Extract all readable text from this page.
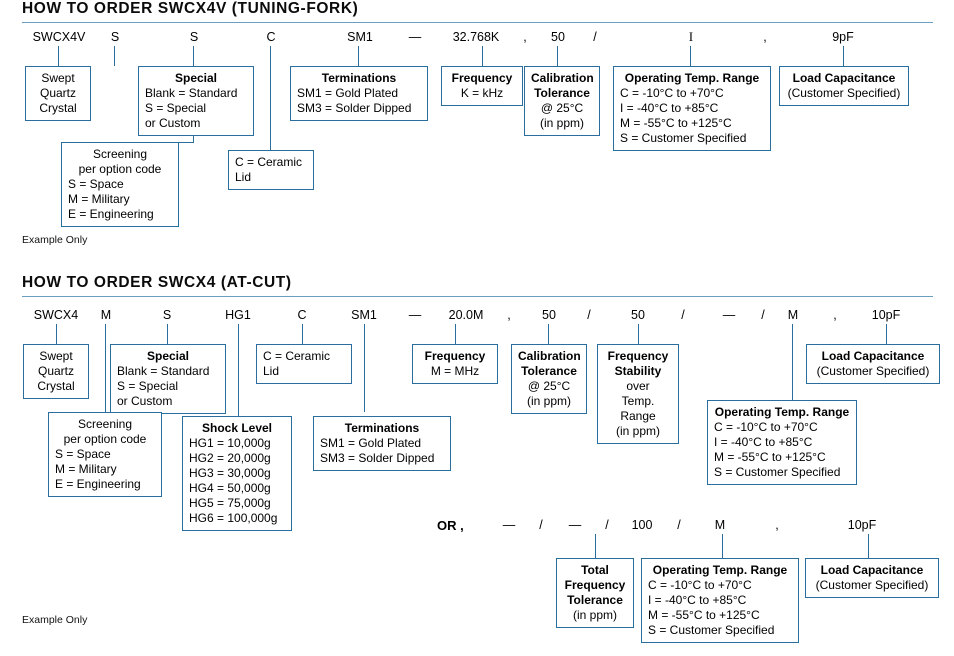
HOW TO ORDER SWCX4V (TUNING-FORK)
SWCX4V	S	S	C	SM1	—	32.768K	,	50	/	I	,	9pF
Swept
Quartz
Crystal
Special
Blank = Standard
S = Special
or Custom
Screening
per option code
S = Space
M = Military
E = Engineering
C = Ceramic
Lid
Terminations
SM1 = Gold Plated
SM3 = Solder Dipped
Frequency
K = kHz
Calibration
Tolerance
@ 25°C
(in ppm)
Operating Temp. Range
C = -10°C to +70°C
I = -40°C to +85°C
M = -55°C to +125°C
S = Customer Specified
Load Capacitance
(Customer Specified)
Example Only
HOW TO ORDER SWCX4 (AT-CUT)
SWCX4	M	S	HG1	C	SM1	—	20.0M	,	50	/	50	/	—	/	M	,	10pF
Swept
Quartz
Crystal
Special
Blank = Standard
S = Special
or Custom
Screening
per option code
S = Space
M = Military
E = Engineering
Shock Level
HG1 = 10,000g
HG2 = 20,000g
HG3 = 30,000g
HG4 = 50,000g
HG5 = 75,000g
HG6 = 100,000g
C = Ceramic
Lid
Terminations
SM1 = Gold Plated
SM3 = Solder Dipped
Frequency
M = MHz
Calibration
Tolerance
@ 25°C
(in ppm)
Frequency
Stability
over
Temp. Range
(in ppm)
Operating Temp. Range
C = -10°C to +70°C
I = -40°C to +85°C
M = -55°C to +125°C
S = Customer Specified
Load Capacitance
(Customer Specified)
OR ,	—	/	—	/	100	/	M	,	10pF
Total
Frequency
Tolerance
(in ppm)
Operating Temp. Range
C = -10°C to +70°C
I = -40°C to +85°C
M = -55°C to +125°C
S = Customer Specified
Load Capacitance
(Customer Specified)
Example Only
